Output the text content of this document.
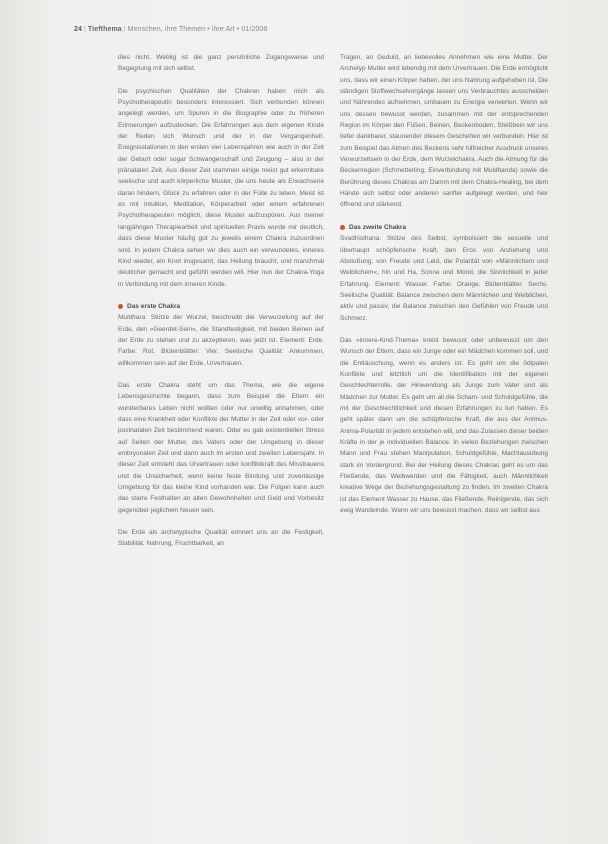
24 | Tiefthema | Menschen, ihre Themen • ihre Art • 01/2008

dies nicht, Weblig ist die ganz persönliche Zugangsweise und Begegnung mit sich selbst.

Die psychischen Qualitäten der Chakren haben mich als Psychotherapeutin besonders interessiert. Sich verbunden können angelegt werden, um Spuren in die Biographie oder zu früheren Erinnerungen aufzudecken. Die Erfahrungen aus dem eigenen Kinde der Reden sich Wunsch und der in der Vergangenheit. Ereignisstationen in den ersten vier Lebensjahren wie auch in der Zeit der Geburt oder sogar Schwangerschaft und Zeugung – also in der pränatalen Zeit. Aus dieser Zeit stammen einige meist gut erkennbare seelische und auch körperliche Muster, die uns heute als Erwachsene daran hindern, Glück zu erfahren oder in der Fülle zu leben. Meist ist es mit Intuition, Meditation, Körperarbeit oder einem erfahrenen Psychotherapeuten möglich, diese Muster aufzuspüren. Aus meiner langjährigen Therapiearbeit und spirituellen Praxis wurde mir deutlich, dass diese Muster häufig gut zu jeweils einem Chakra zuzuordnen sind. In jedem Chakra sehen wir dies auch ein verwundetes, inneres Kind wieder, ein Knot insgesamt, das Heilung braucht, und manchmal deutlicher gemacht und gefühlt werden will. Hier nun der Chakra-Yoga in Verbindung mit dem inneren Kinde.

Das erste Chakra

Muldhara: Stütze der Wurzel, beschreibt die Verwurzelung auf der Erde, den »Geerdet-Sein«, die Standfestigkeit, mit beiden Beinen auf der Erde zu stehen und zu akzeptieren, was jetzt ist. Element: Erde. Farbe: Rot. Blütenblätter: Vier. Seelische Qualität: Ankommen, willkommen sein auf der Erde, Urvertrauen.

Das erste Chakra steht um das Thema, wie die eigene Lebensgeschichte begann, dass zum Beispiel die Eltern ein wunderbares Leben nicht wollten oder nur unwillig annahmen, oder dass eine Krankheit oder Konflikte der Mutter in der Zeit oder vor- oder postnatalen Zeit bestimmend waren. Oder es gab existentiellen Stress auf Seiten der Mutter, des Vaters oder der Umgebung in dieser embryonalen Zeit und dann auch im ersten und zweiten Lebensjahr. In dieser Zeit entsteht das Urvertrauen oder konfliktkraft des Misstrauens und die Unsicherheit, wenn keine feste Bindung und zuverlässige Umgebung für das kleine Kind vorhanden war. Die Folgen kann auch das starre Festhalten an alten Gewohnheiten und Geld und Vorbesitz gegenüber jeglichem Neuen sein.

Die Erde als archetypische Qualität erinnert uns an die Festigkeit, Stabilität, Nahrung, Fruchtbarkeit, an

Tragen, an Geduld, an liebevolles Annehmen wie eine Mutter. Der Archetyp Mutter wird lebendig mit dem Urvertrauen. Die Erde ermöglicht uns, dass wir einen Körper haben, der uns Nahrung aufgehoben ist. Die ständigen Stoffwechselvorgänge lassen uns Verbrauchtes ausscheiden und Nährendes aufnehmen, umbauen zu Energie verwerten. Wenn wir uns dessen bewusst werden, zusammen mit der entsprechenden Region im Körper den Füßen, Beinen, Beckenboden, Steißbein wir uns tiefer dankbarer, staunender diesem Geschehen wir verbunden. Hier ist zum Beispiel das Atmen des Beckens sehr hilfreicher Ausdruck unseres Verwurzeltsein in der Erde, dem Wurzelchakra. Auch die Atmung für die Beckenregion (Schmetterling, Einverbindung mit Muldhanda) sowie die Berührung dieses Chakras am Damm mit dem Chakra-Healing, bei dem Hände sich selbst oder anderen sanfter aufgelegt werden, und hier öffnend und stärkend.

Das zweite Chakra

Svadhisthana: Stütze des Selbst, symbolisiert die sexuelle und überhaupt schöpferische Kraft, den Eros von Anziehung und Abstoßung, von Freude und Leid, die Polarität von »Männlichem und Weiblichem«, hin und Ha, Sonne und Mond, die Sinnlichkeit in jeder Erfahrung. Element: Wasser. Farbe: Orange. Blütenblätter: Sechs. Seelische Qualität: Balance zwischen dem Männlichen und Weiblichen, aktiv und passiv, die Balance zwischen den Gefühlen von Freude und Schmerz.

Das »innere-Kind-Thema« kreist bewusst oder unbewusst um den Wunsch der Eltern, dass ein Junge oder ein Mädchen kommen soll, und die Enttäuschung, wenn es anders ist. Es geht um die ödipalen Konflikte und letztlich um die Identifikation mit der eigenen Geschlechterrolle, der Hinwendung als Junge zum Vater und als Mädchen zur Mutter. Es geht um all die Scham- und Schuldgefühle, die mit der Geschlechtlichkeit und diesen Erfahrungen zu tun haben. Es geht später dann um die schöpferische Kraft, die aus der Animus-Anima-Polarität in jedem entstehen will, und das Zulassen dieser beiden Kräfte in der je individuellen Balance. In vielen Beziehungen zwischen Mann und Frau stehen Manipulation, Schuldgefühle, Machtausübung stark im Vordergrund. Bei der Heilung dieses Chakras geht es um das Fließende, das Weibwerden und die Fähigkeit, auch Männlichkeit kreative Wege der Beziehungsgestaltung zu finden. Im zweiten Chakra ist das Element Wasser zu Hause, das Fließende, Reinigende, das sich ewig Wandelnde. Wenn wir uns bewusst machen, dass wir selbst aus
